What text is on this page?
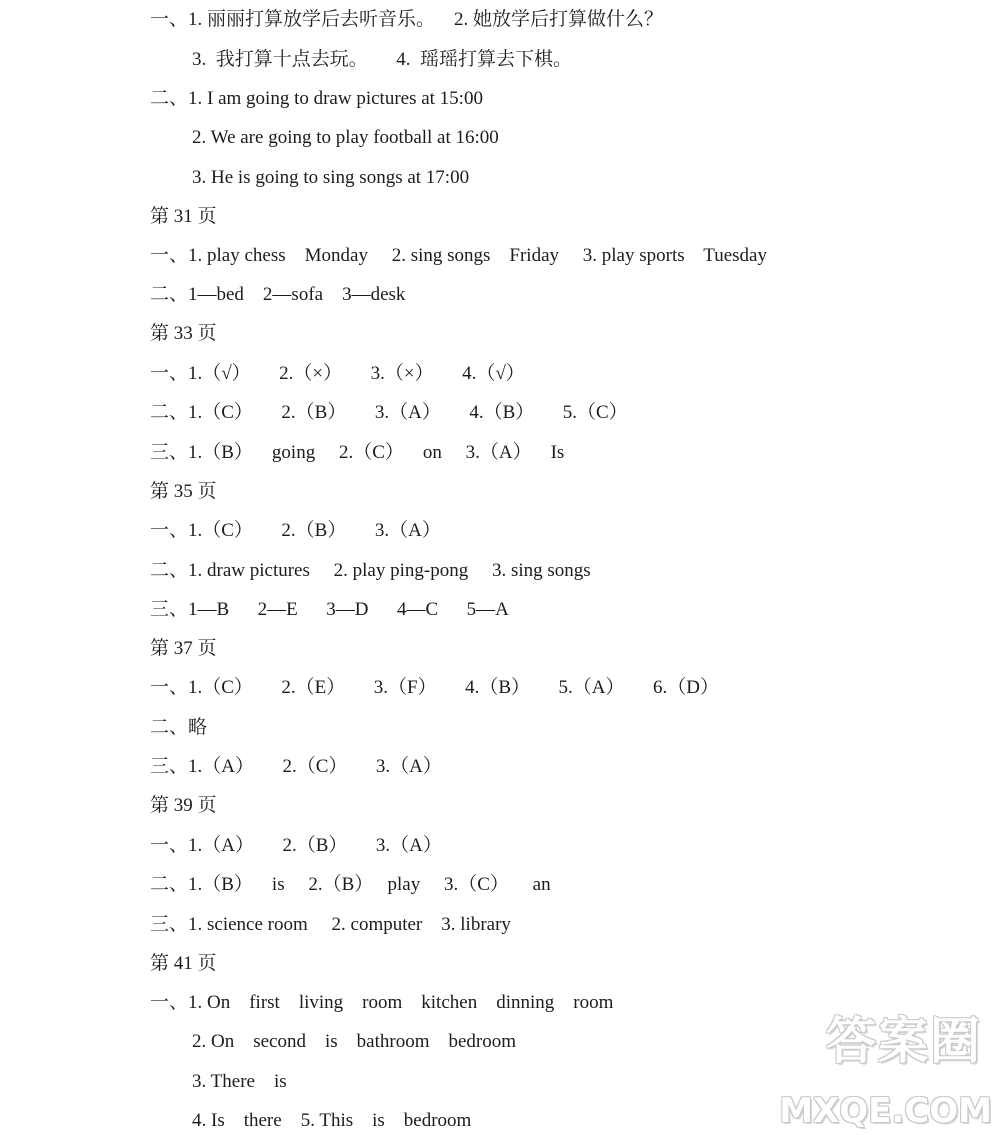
一、1. 丽丽打算放学后去听音乐。    2. 她放学后打算做什么？
3.  我打算十点去玩。      4.  瑶瑶打算去下棋。
二、1. I am going to draw pictures at 15:00
2. We are going to play football at 16:00
3. He is going to sing songs at 17:00
第 31 页
一、1. play chess    Monday     2. sing songs    Friday     3. play sports    Tuesday
二、1—bed    2—sofa    3—desk
第 33 页
一、1.（√）      2.（×）      3.（×）      4.（√）
二、1.（C）      2.（B）      3.（A）      4.（B）      5.（C）
三、1.（B）    going     2.（C）    on     3.（A）    Is
第 35 页
一、1.（C）      2.（B）      3.（A）
二、1. draw pictures     2. play ping-pong     3. sing songs
三、1—B      2—E      3—D      4—C      5—A
第 37 页
一、1.（C）      2.（E）      3.（F）      4.（B）      5.（A）      6.（D）
二、略
三、1.（A）      2.（C）      3.（A）
第 39 页
一、1.（A）      2.（B）      3.（A）
二、1.（B）    is     2.（B）   play     3.（C）     an
三、1. science room     2. computer    3. library
第 41 页
一、1. On    first    living    room    kitchen    dinning    room
2. On    second    is    bathroom    bedroom
3. There    is
4. Is    there    5. This    is    bedroom
答案圈
MXQE.COM
